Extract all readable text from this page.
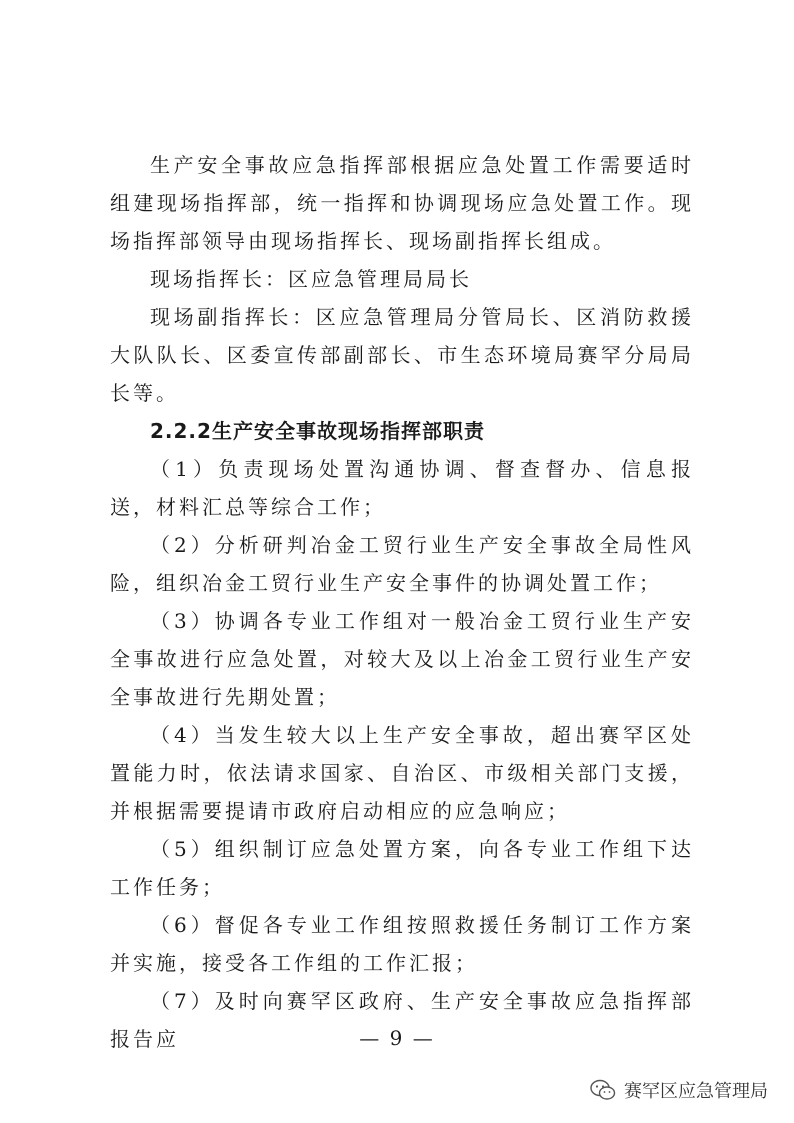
生产安全事故应急指挥部根据应急处置工作需要适时组建现场指挥部，统一指挥和协调现场应急处置工作。现场指挥部领导由现场指挥长、现场副指挥长组成。

现场指挥长：区应急管理局局长

现场副指挥长：区应急管理局分管局长、区消防救援大队队长、区委宣传部副部长、市生态环境局赛罕分局局长等。

2.2.2生产安全事故现场指挥部职责

（1）负责现场处置沟通协调、督查督办、信息报送，材料汇总等综合工作；

（2）分析研判冶金工贸行业生产安全事故全局性风险，组织冶金工贸行业生产安全事件的协调处置工作；

（3）协调各专业工作组对一般冶金工贸行业生产安全事故进行应急处置，对较大及以上冶金工贸行业生产安全事故进行先期处置；

（4）当发生较大以上生产安全事故，超出赛罕区处置能力时，依法请求国家、自治区、市级相关部门支援，并根据需要提请市政府启动相应的应急响应；

（5）组织制订应急处置方案，向各专业工作组下达工作任务；

（6）督促各专业工作组按照救援任务制订工作方案并实施，接受各工作组的工作汇报；

（7）及时向赛罕区政府、生产安全事故应急指挥部报告应	— 9 —
赛罕区应急管理局
